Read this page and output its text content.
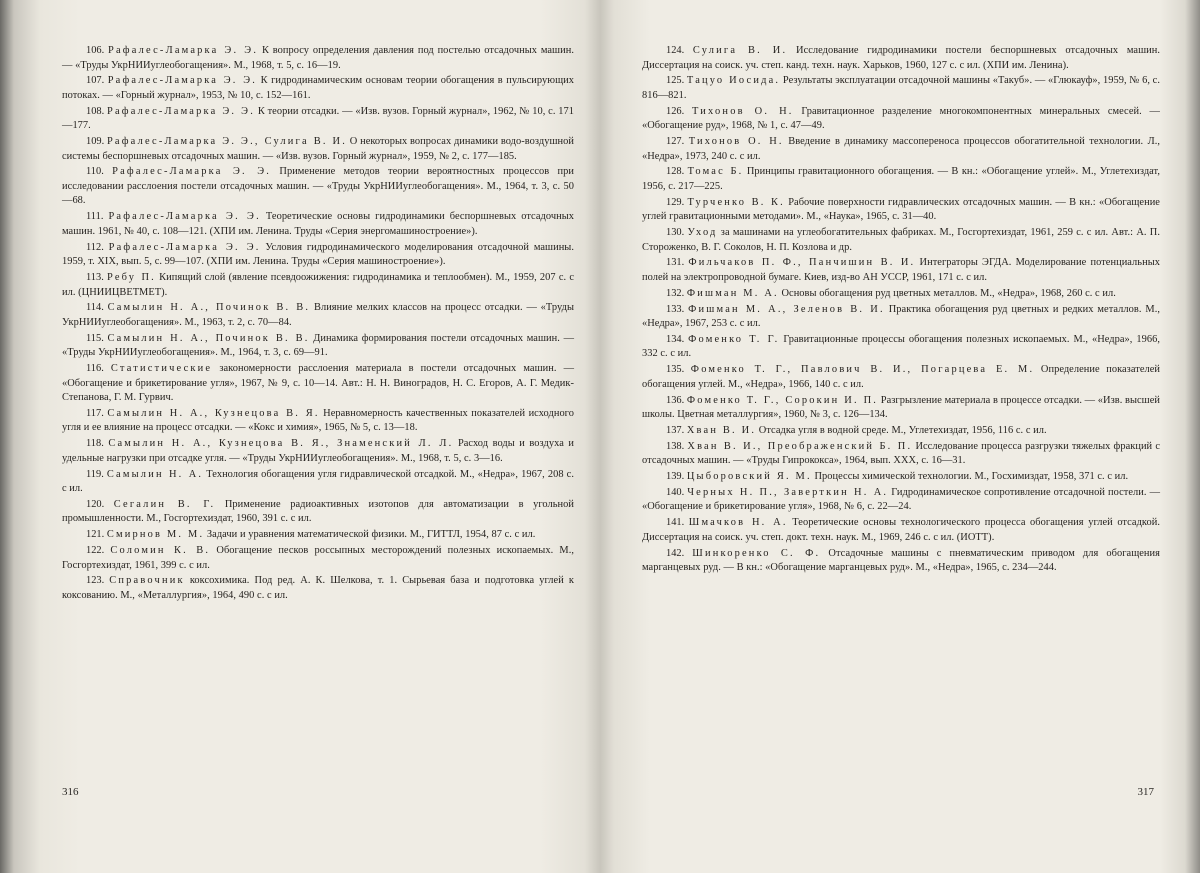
106. Рафалес-Ламарка Э. Э. К вопросу определения давления под постелью отсадочных машин. — «Труды УкрНИИуглеобогащения». М., 1968, т. 5, с. 16—19.

107. Рафалес-Ламарка Э. Э. К гидродинамическим основам теории обогащения в пульсирующих потоках. — «Горный журнал», 1953, № 10, с. 152—161.

108. Рафалес-Ламарка Э. Э. К теории отсадки. — «Изв. вузов. Горный журнал», 1962, № 10, с. 171—177.

109. Рафалес-Ламарка Э. Э., Сулига В. И. О некоторых вопросах динамики водо-воздушной системы беспоршневых отсадочных машин. — «Изв. вузов. Горный журнал», 1959, № 2, с. 177—185.

110. Рафалес-Ламарка Э. Э. Применение методов теории вероятностных процессов при исследовании расслоения постели отсадочных машин. — «Труды УкрНИИуглеобогащения». М., 1964, т. 3, с. 50—68.

111. Рафалес-Ламарка Э. Э. Теоретические основы гидродинамики беспоршневых отсадочных машин. 1961, № 40, с. 108—121. (ХПИ им. Ленина. Труды «Серия энергомашиностроение»).

112. Рафалес-Ламарка Э. Э. Условия гидродинамического моделирования отсадочной машины. 1959, т. XIX, вып. 5, с. 99—107. (ХПИ им. Ленина. Труды «Серия машиностроение»).

113. Ребу П. Кипящий слой (явление псевдоожижения: гидродинамика и теплообмен). М., 1959, 207 с. с ил. (ЦНИИЦВЕТМЕТ).

114. Самылин Н. А., Починок В. В. Влияние мелких классов на процесс отсадки. — «Труды УкрНИИуглеобогащения». М., 1963, т. 2, с. 70—84.

115. Самылин Н. А., Починок В. В. Динамика формирования постели отсадочных машин. — «Труды УкрНИИуглеобогащения». М., 1964, т. 3, с. 69—91.

116. Статистические закономерности расслоения материала в постели отсадочных машин. — «Обогащение и брикетирование угля», 1967, № 9, с. 10—14. Авт.: Н. Н. Виноградов, Н. С. Егоров, А. Г. Медик-Степанова, Г. М. Гурвич.

117. Самылин Н. А., Кузнецова В. Я. Неравномерность качественных показателей исходного угля и ее влияние на процесс отсадки. — «Кокс и химия», 1965, № 5, с. 13—18.

118. Самылин Н. А., Кузнецова В. Я., Знаменский Л. Л. Расход воды и воздуха и удельные нагрузки при отсадке угля. — «Труды УкрНИИуглеобогащения». М., 1968, т. 5, с. 3—16.

119. Самылин Н. А. Технология обогащения угля гидравлической отсадкой. М., «Недра», 1967, 208 с. с ил.

120. Сегалин В. Г. Применение радиоактивных изотопов для автоматизации в угольной промышленности. М., Госгортехиздат, 1960, 391 с. с ил.

121. Смирнов М. М. Задачи и уравнения математической физики. М., ГИТТЛ, 1954, 87 с. с ил.

122. Соломин К. В. Обогащение песков россыпных месторождений полезных ископаемых. М., Госгортехиздат, 1961, 399 с. с ил.

123. Справочник коксохимика. Под ред. А. К. Шелкова, т. 1. Сырьевая база и подготовка углей к коксованию. М., «Металлургия», 1964, 490 с. с ил.

316

124. Сулига В. И. Исследование гидродинамики постели беспоршневых отсадочных машин. Диссертация на соиск. уч. степ. канд. техн. наук. Харьков, 1960, 127 с. с ил. (ХПИ им. Ленина).

125. Тацуо Иосида. Результаты эксплуатации отсадочной машины «Такуб». — «Глюкауф», 1959, № 6, с. 816—821.

126. Тихонов О. Н. Гравитационное разделение многокомпонентных минеральных смесей. — «Обогащение руд», 1968, № 1, с. 47—49.

127. Тихонов О. Н. Введение в динамику массопереноса процессов обогатительной технологии. Л., «Недра», 1973, 240 с. с ил.

128. Томас Б. Принципы гравитационного обогащения. — В кн.: «Обогащение углей». М., Углетехиздат, 1956, с. 217—225.

129. Турченко В. К. Рабочие поверхности гидравлических отсадочных машин. — В кн.: «Обогащение углей гравитационными методами». М., «Наука», 1965, с. 31—40.

130. Уход за машинами на углеобогатительных фабриках. М., Госгортехиздат, 1961, 259 с. с ил. Авт.: А. П. Стороженко, В. Г. Соколов, Н. П. Козлова и др.

131. Фильчаков П. Ф., Панчишин В. И. Интеграторы ЭГДА. Моделирование потенциальных полей на электропроводной бумаге. Киев, изд-во АН УССР, 1961, 171 с. с ил.

132. Фишман М. А. Основы обогащения руд цветных металлов. М., «Недра», 1968, 260 с. с ил.

133. Фишман М. А., Зеленов В. И. Практика обогащения руд цветных и редких металлов. М., «Недра», 1967, 253 с. с ил.

134. Фоменко Т. Г. Гравитационные процессы обогащения полезных ископаемых. М., «Недра», 1966, 332 с. с ил.

135. Фоменко Т. Г., Павлович В. И., Погарцева Е. М. Определение показателей обогащения углей. М., «Недра», 1966, 140 с. с ил.

136. Фоменко Т. Г., Сорокин И. П. Разгрызление материала в процессе отсадки. — «Изв. высшей школы. Цветная металлургия», 1960, № 3, с. 126—134.

137. Хван В. И. Отсадка угля в водной среде. М., Углетехиздат, 1956, 116 с. с ил.

138. Хван В. И., Преображенский Б. П. Исследование процесса разгрузки тяжелых фракций с отсадочных машин. — «Труды Гипрококса», 1964, вып. XXX, с. 16—31.

139. Цыборовский Я. М. Процессы химической технологии. М., Госхимиздат, 1958, 371 с. с ил.

140. Черных Н. П., Заверткин Н. А. Гидродинамическое сопротивление отсадочной постели. — «Обогащение и брикетирование угля», 1968, № 6, с. 22—24.

141. Шмачков Н. А. Теоретические основы технологического процесса обогащения углей отсадкой. Диссертация на соиск. уч. степ. докт. техн. наук. М., 1969, 246 с. с ил. (ИОТТ).

142. Шинкоренко С. Ф. Отсадочные машины с пневматическим приводом для обогащения марганцевых руд. — В кн.: «Обогащение марганцевых руд». М., «Недра», 1965, с. 234—244.

317
